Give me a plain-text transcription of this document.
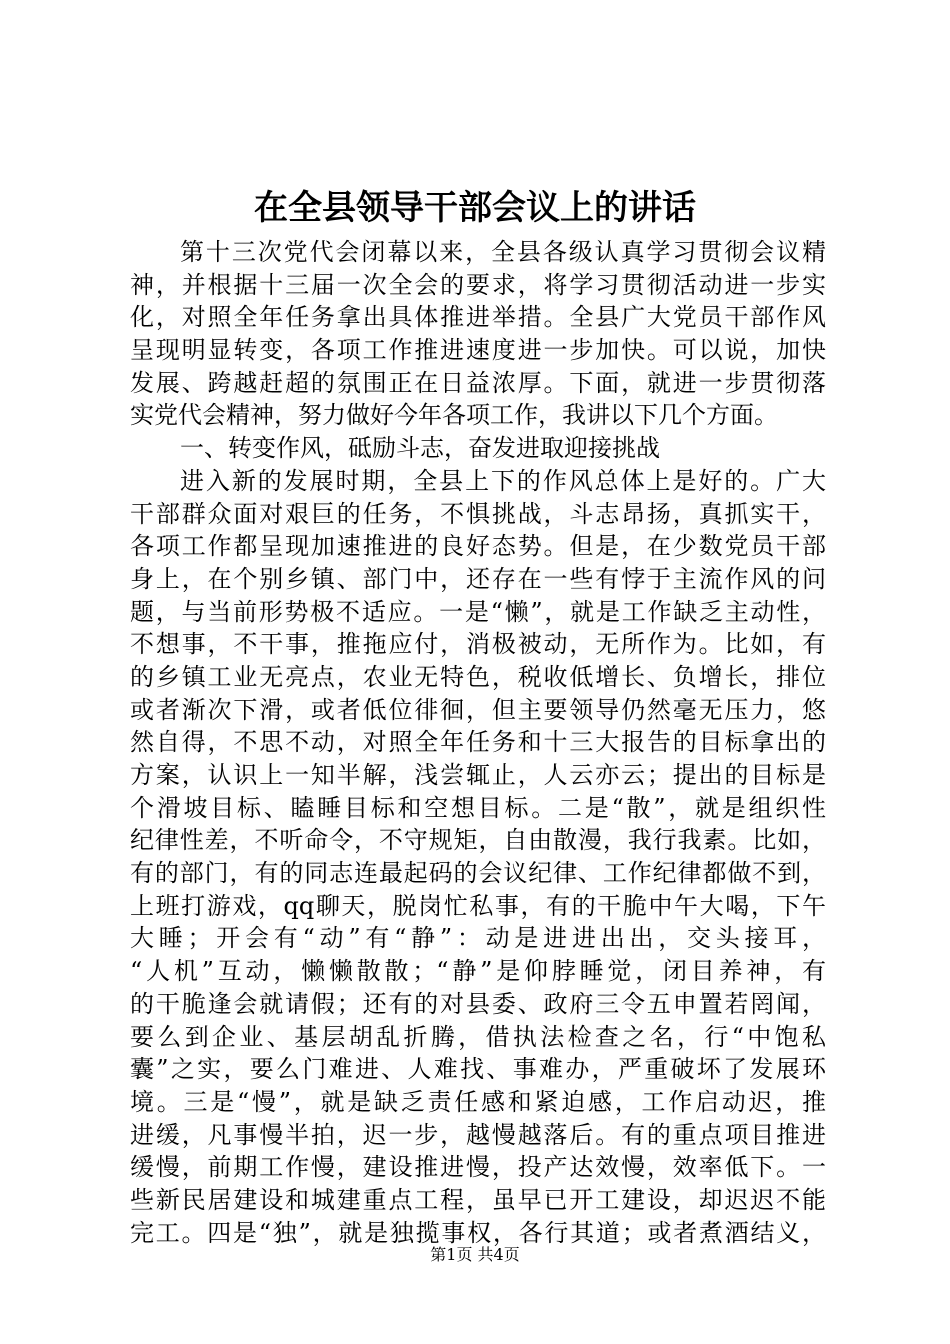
在全县领导干部会议上的讲话
第十三次党代会闭幕以来，全县各级认真学习贯彻会议精
神，并根据十三届一次全会的要求，将学习贯彻活动进一步实
化，对照全年任务拿出具体推进举措。全县广大党员干部作风
呈现明显转变，各项工作推进速度进一步加快。可以说，加快
发展、跨越赶超的氛围正在日益浓厚。下面，就进一步贯彻落
实党代会精神，努力做好今年各项工作，我讲以下几个方面。
一、转变作风，砥励斗志，奋发进取迎接挑战
进入新的发展时期，全县上下的作风总体上是好的。广大
干部群众面对艰巨的任务，不惧挑战，斗志昂扬，真抓实干，
各项工作都呈现加速推进的良好态势。但是，在少数党员干部
身上，在个别乡镇、部门中，还存在一些有悖于主流作风的问
题，与当前形势极不适应。一是“懒”，就是工作缺乏主动性，
不想事，不干事，推拖应付，消极被动，无所作为。比如，有
的乡镇工业无亮点，农业无特色，税收低增长、负增长，排位
或者渐次下滑，或者低位徘徊，但主要领导仍然毫无压力，悠
然自得，不思不动，对照全年任务和十三大报告的目标拿出的
方案，认识上一知半解，浅尝辄止，人云亦云；提出的目标是
个滑坡目标、瞌睡目标和空想目标。二是“散”，就是组织性
纪律性差，不听命令，不守规矩，自由散漫，我行我素。比如，
有的部门，有的同志连最起码的会议纪律、工作纪律都做不到，
上班打游戏，qq聊天，脱岗忙私事，有的干脆中午大喝，下午
大睡；开会有“动”有“静”：动是进进出出，交头接耳，
“人机”互动，懒懒散散；“静”是仰脖睡觉，闭目养神，有
的干脆逢会就请假；还有的对县委、政府三令五申置若罔闻，
要么到企业、基层胡乱折腾，借执法检查之名，行“中饱私
囊”之实，要么门难进、人难找、事难办，严重破坏了发展环
境。三是“慢”，就是缺乏责任感和紧迫感，工作启动迟，推
进缓，凡事慢半拍，迟一步，越慢越落后。有的重点项目推进
缓慢，前期工作慢，建设推进慢，投产达效慢，效率低下。一
些新民居建设和城建重点工程，虽早已开工建设，却迟迟不能
完工。四是“独”，就是独揽事权，各行其道；或者煮酒结义，
第1页 共4页
